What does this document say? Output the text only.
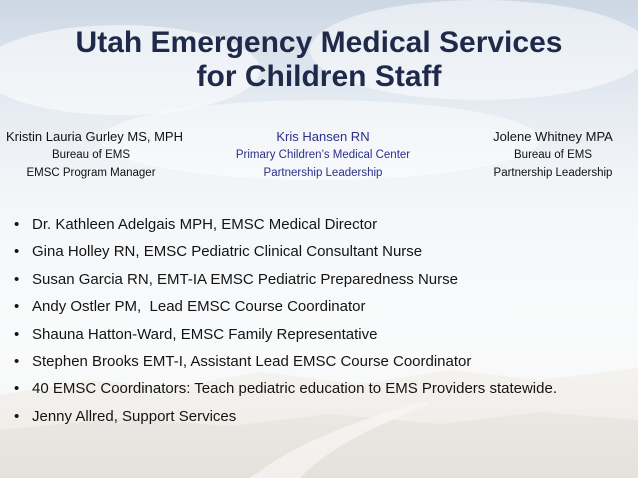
Utah Emergency Medical Services
for Children Staff
Kristin Lauria Gurley MS, MPH
Bureau of EMS
EMSC Program Manager
Kris Hansen RN
Primary Children’s Medical Center
Partnership Leadership
Jolene Whitney MPA
Bureau of EMS
Partnership Leadership
• Dr. Kathleen Adelgais MPH, EMSC Medical Director
• Gina Holley RN, EMSC Pediatric Clinical Consultant Nurse
• Susan Garcia RN, EMT-IA EMSC Pediatric Preparedness Nurse
• Andy Ostler PM,  Lead EMSC Course Coordinator
• Shauna Hatton-Ward, EMSC Family Representative
• Stephen Brooks EMT-I, Assistant Lead EMSC Course Coordinator
• 40 EMSC Coordinators: Teach pediatric education to EMS Providers statewide.
• Jenny Allred, Support Services
